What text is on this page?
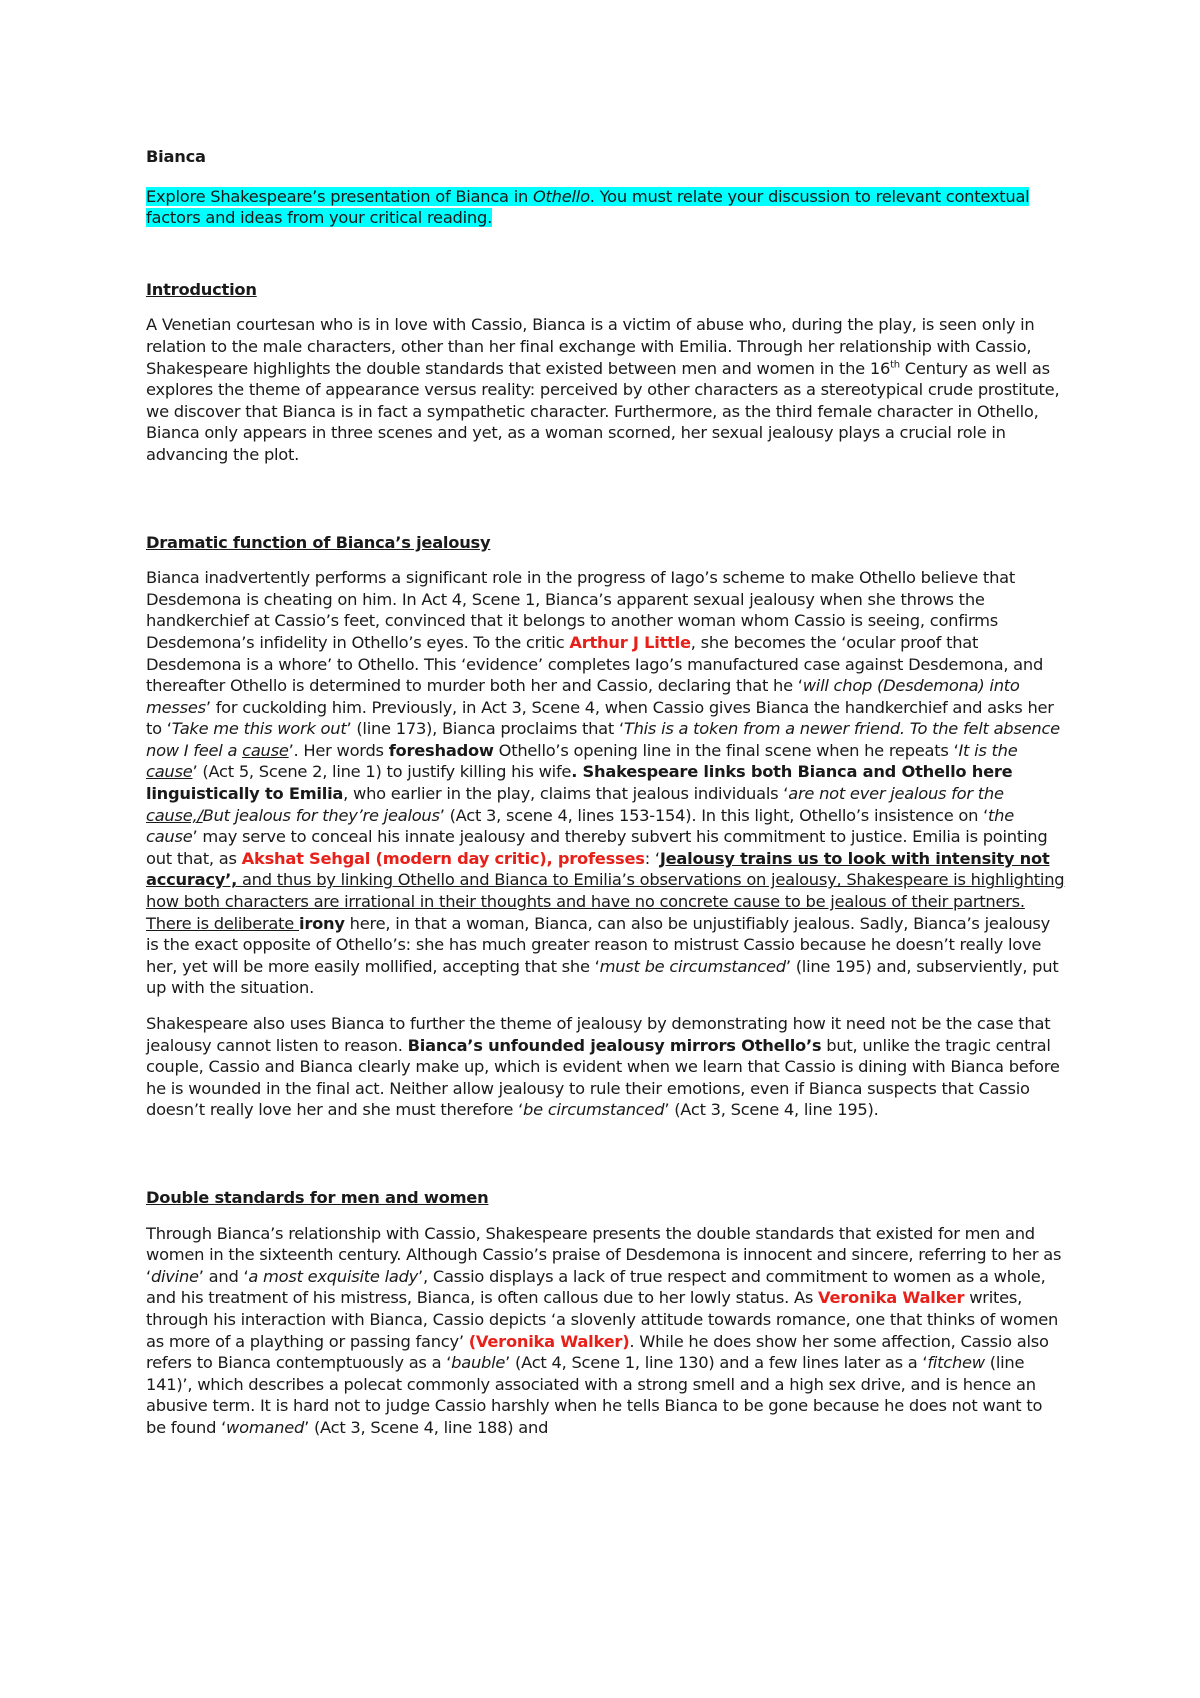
Bianca

Explore Shakespeare’s presentation of Bianca in Othello. You must relate your discussion to relevant contextual factors and ideas from your critical reading.

Introduction

A Venetian courtesan who is in love with Cassio, Bianca is a victim of abuse who, during the play, is seen only in relation to the male characters, other than her final exchange with Emilia. Through her relationship with Cassio, Shakespeare highlights the double standards that existed between men and women in the 16th Century as well as explores the theme of appearance versus reality: perceived by other characters as a stereotypical crude prostitute, we discover that Bianca is in fact a sympathetic character. Furthermore, as the third female character in Othello, Bianca only appears in three scenes and yet, as a woman scorned, her sexual jealousy plays a crucial role in advancing the plot.

Dramatic function of Bianca’s jealousy

Bianca inadvertently performs a significant role in the progress of Iago’s scheme to make Othello believe that Desdemona is cheating on him. In Act 4, Scene 1, Bianca’s apparent sexual jealousy when she throws the handkerchief at Cassio’s feet, convinced that it belongs to another woman whom Cassio is seeing, confirms Desdemona’s infidelity in Othello’s eyes. To the critic Arthur J Little, she becomes the ‘ocular proof that Desdemona is a whore’ to Othello. This ‘evidence’ completes Iago’s manufactured case against Desdemona, and thereafter Othello is determined to murder both her and Cassio, declaring that he ‘will chop (Desdemona) into messes’ for cuckolding him. Previously, in Act 3, Scene 4, when Cassio gives Bianca the handkerchief and asks her to ‘Take me this work out’ (line 173), Bianca proclaims that ‘This is a token from a newer friend. To the felt absence now I feel a cause’. Her words foreshadow Othello’s opening line in the final scene when he repeats ‘It is the cause’ (Act 5, Scene 2, line 1) to justify killing his wife. Shakespeare links both Bianca and Othello here linguistically to Emilia, who earlier in the play, claims that jealous individuals ‘are not ever jealous for the cause,/But jealous for they’re jealous’ (Act 3, scene 4, lines 153-154). In this light, Othello’s insistence on ‘the cause’ may serve to conceal his innate jealousy and thereby subvert his commitment to justice. Emilia is pointing out that, as Akshat Sehgal (modern day critic), professes: ‘Jealousy trains us to look with intensity not accuracy’, and thus by linking Othello and Bianca to Emilia’s observations on jealousy, Shakespeare is highlighting how both characters are irrational in their thoughts and have no concrete cause to be jealous of their partners. There is deliberate irony here, in that a woman, Bianca, can also be unjustifiably jealous. Sadly, Bianca’s jealousy is the exact opposite of Othello’s: she has much greater reason to mistrust Cassio because he doesn’t really love her, yet will be more easily mollified, accepting that she ‘must be circumstanced’ (line 195) and, subserviently, put up with the situation.

Shakespeare also uses Bianca to further the theme of jealousy by demonstrating how it need not be the case that jealousy cannot listen to reason. Bianca’s unfounded jealousy mirrors Othello’s but, unlike the tragic central couple, Cassio and Bianca clearly make up, which is evident when we learn that Cassio is dining with Bianca before he is wounded in the final act. Neither allow jealousy to rule their emotions, even if Bianca suspects that Cassio doesn’t really love her and she must therefore ‘be circumstanced’ (Act 3, Scene 4, line 195).

Double standards for men and women

Through Bianca’s relationship with Cassio, Shakespeare presents the double standards that existed for men and women in the sixteenth century. Although Cassio’s praise of Desdemona is innocent and sincere, referring to her as ‘divine’ and ‘a most exquisite lady’, Cassio displays a lack of true respect and commitment to women as a whole, and his treatment of his mistress, Bianca, is often callous due to her lowly status. As Veronika Walker writes, through his interaction with Bianca, Cassio depicts ‘a slovenly attitude towards romance, one that thinks of women as more of a plaything or passing fancy’ (Veronika Walker). While he does show her some affection, Cassio also refers to Bianca contemptuously as a ‘bauble’ (Act 4, Scene 1, line 130) and a few lines later as a ‘fitchew (line 141)’, which describes a polecat commonly associated with a strong smell and a high sex drive, and is hence an abusive term. It is hard not to judge Cassio harshly when he tells Bianca to be gone because he does not want to be found ‘womaned’ (Act 3, Scene 4, line 188) and
